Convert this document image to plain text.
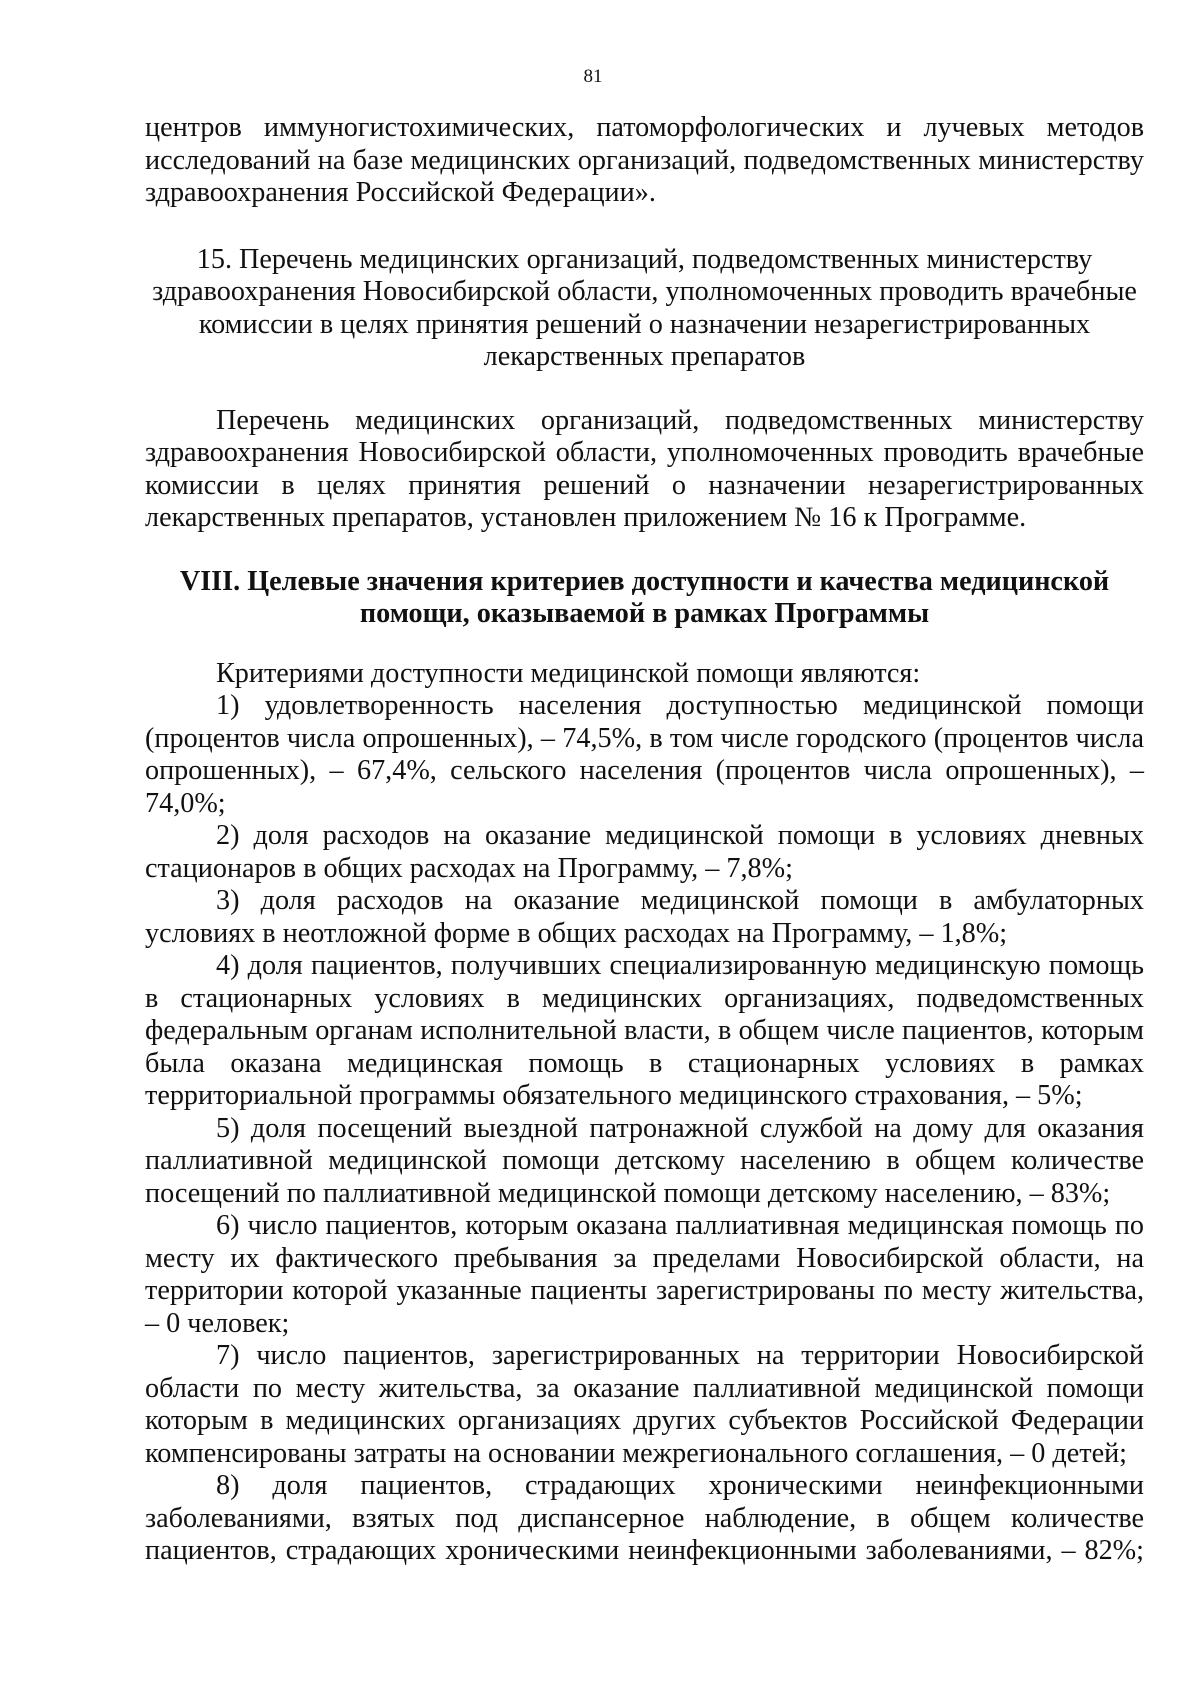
81

центров иммуногистохимических, патоморфологических и лучевых методов исследований на базе медицинских организаций, подведомственных министерству здравоохранения Российской Федерации».

15. Перечень медицинских организаций, подведомственных министерству здравоохранения Новосибирской области, уполномоченных проводить врачебные комиссии в целях принятия решений о назначении незарегистрированных лекарственных препаратов

Перечень медицинских организаций, подведомственных министерству здравоохранения Новосибирской области, уполномоченных проводить врачебные комиссии в целях принятия решений о назначении незарегистрированных лекарственных препаратов, установлен приложением № 16 к Программе.

VIII. Целевые значения критериев доступности и качества медицинской помощи, оказываемой в рамках Программы

Критериями доступности медицинской помощи являются:

1) удовлетворенность населения доступностью медицинской помощи (процентов числа опрошенных), – 74,5%, в том числе городского (процентов числа опрошенных), – 67,4%, сельского населения (процентов числа опрошенных), – 74,0%;

2) доля расходов на оказание медицинской помощи в условиях дневных стационаров в общих расходах на Программу, – 7,8%;

3) доля расходов на оказание медицинской помощи в амбулаторных условиях в неотложной форме в общих расходах на Программу, – 1,8%;

4) доля пациентов, получивших специализированную медицинскую помощь в стационарных условиях в медицинских организациях, подведомственных федеральным органам исполнительной власти, в общем числе пациентов, которым была оказана медицинская помощь в стационарных условиях в рамках территориальной программы обязательного медицинского страхования, – 5%;

5) доля посещений выездной патронажной службой на дому для оказания паллиативной медицинской помощи детскому населению в общем количестве посещений по паллиативной медицинской помощи детскому населению, – 83%;

6) число пациентов, которым оказана паллиативная медицинская помощь по месту их фактического пребывания за пределами Новосибирской области, на территории которой указанные пациенты зарегистрированы по месту жительства, – 0 человек;

7) число пациентов, зарегистрированных на территории Новосибирской области по месту жительства, за оказание паллиативной медицинской помощи которым в медицинских организациях других субъектов Российской Федерации компенсированы затраты на основании межрегионального соглашения, – 0 детей;

8) доля пациентов, страдающих хроническими неинфекционными заболеваниями, взятых под диспансерное наблюдение, в общем количестве пациентов, страдающих хроническими неинфекционными заболеваниями, – 82%;
